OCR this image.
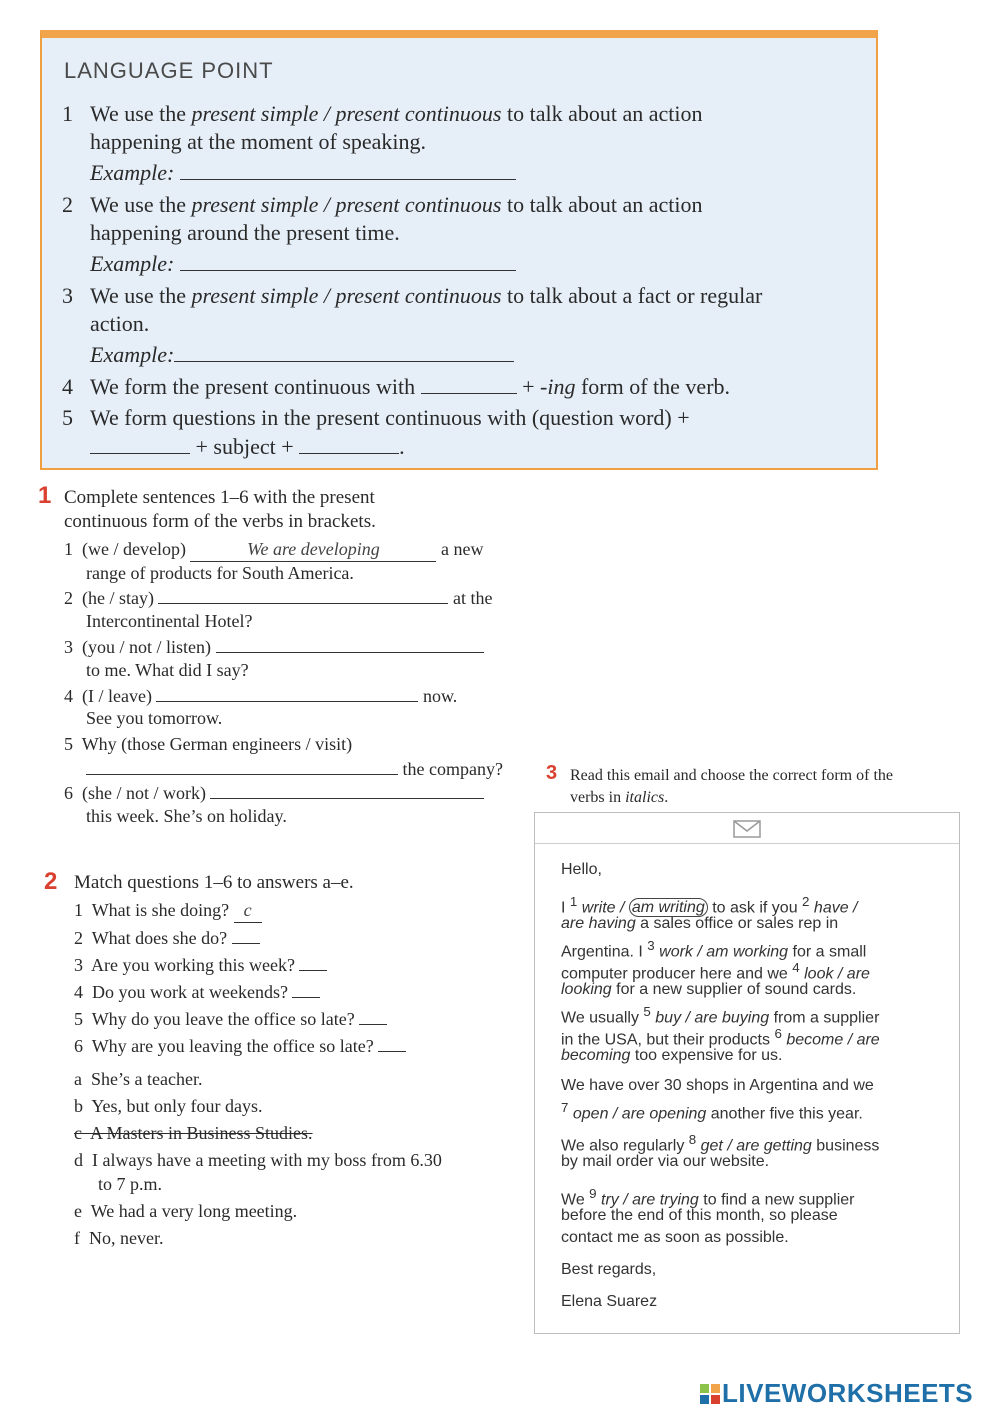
LANGUAGE POINT
1 We use the present simple / present continuous to talk about an action
happening at the moment of speaking.
Example:
2 We use the present simple / present continuous to talk about an action
happening around the present time.
Example:
3 We use the present simple / present continuous to talk about a fact or regular
action.
Example:
4 We form the present continuous with	+ -ing form of the verb.
5 We form questions in the present continuous with (question word) +
+ subject +	.
1 Complete sentences 1–6 with the present
continuous form of the verbs in brackets.
1 (we / develop)	We are developing	a new
range of products for South America.
2 (he / stay)	at the
Intercontinental Hotel?
3 (you / not / listen)
to me. What did I say?
4 (I / leave)	now.
See you tomorrow.
5 Why (those German engineers / visit)
the company?
6 (she / not / work)
this week. She’s on holiday.
2 Match questions 1–6 to answers a–e.
1 What is she doing? c
2 What does she do?
3 Are you working this week?
4 Do you work at weekends?
5 Why do you leave the office so late?
6 Why are you leaving the office so late?
a She’s a teacher.
b Yes, but only four days.
c A Masters in Business Studies.
d I always have a meeting with my boss from 6.30
to 7 p.m.
e We had a very long meeting.
f No, never.
3 Read this email and choose the correct form of the
verbs in italics.
Hello,
I $^1$ write / am writing to ask if you $^2$ have /
are having a sales office or sales rep in
Argentina. I $^3$ work / am working for a small
computer producer here and we $^4$ look / are
looking for a new supplier of sound cards.
We usually $^5$ buy / are buying from a supplier
in the USA, but their products $^6$ become / are
becoming too expensive for us.
We have over 30 shops in Argentina and we
$^7$ open / are opening another five this year.
We also regularly $^8$ get / are getting business
by mail order via our website.
We $^9$ try / are trying to find a new supplier
before the end of this month, so please
contact me as soon as possible.
Best regards,
Elena Suarez
LIVEWORKSHEETS
